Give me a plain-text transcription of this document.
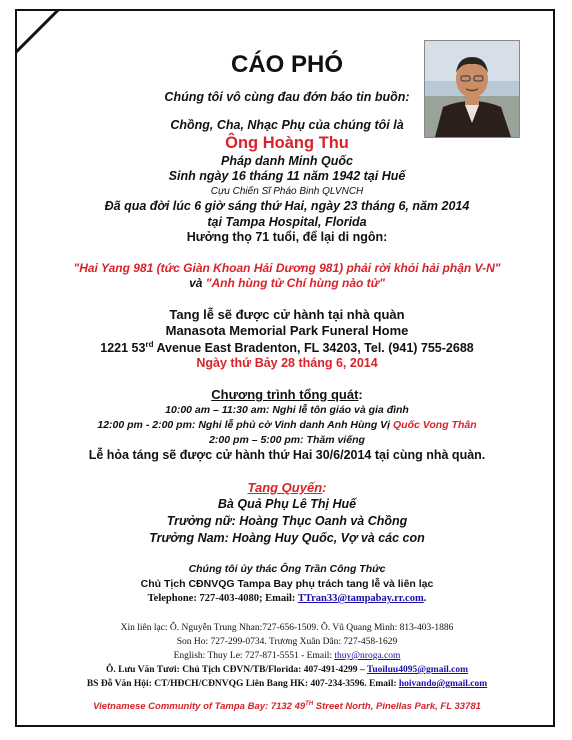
CÁO PHÓ
Chúng tôi vô cùng đau đớn báo tin buồn:
Chồng, Cha, Nhạc Phụ của chúng tôi là
Ông Hoàng Thu
Pháp danh Minh Quốc
Sinh ngày 16 tháng 11 năm 1942 tại Huế
Cựu Chiến Sĩ Pháo Binh QLVNCH
Đã qua đời lúc 6 giờ sáng thứ Hai, ngày 23 tháng 6, năm 2014
tại Tampa Hospital, Florida
Hưởng thọ 71 tuổi, để lại di ngôn:
"Hai Yang 981 (tức Giàn Khoan Hải Dương 981) phải rời khỏi hải phận V-N"
và "Anh hùng tử Chí hùng nào tử"
Tang lễ sẽ được cử hành tại nhà quàn
Manasota Memorial Park Funeral Home
1221 53rd Avenue East Bradenton, FL 34203, Tel. (941) 755-2688
Ngày thứ Bảy 28 tháng 6, 2014
Chương trình tổng quát:
10:00 am – 11:30 am: Nghi lễ tôn giáo và gia đình
12:00 pm - 2:00 pm: Nghi lễ phủ cờ Vinh danh Anh Hùng Vị Quốc Vong Thân
2:00 pm – 5:00 pm: Thăm viếng
Lễ hỏa táng sẽ được cử hành thứ Hai 30/6/2014 tại cùng nhà quàn.
Tang Quyến:
Bà Quả Phụ Lê Thị Huế
Trưởng nữ: Hoàng Thục Oanh và Chồng
Trưởng Nam: Hoàng Huy Quốc, Vợ và các con
Chúng tôi ủy thác Ông Trần Công Thức
Chủ Tịch CĐNVQG Tampa Bay phụ trách tang lễ và liên lạc
Telephone: 727-403-4080; Email: TTran33@tampabay.rr.com.
Xin liên lạc: Ô. Nguyễn Trung Nhan:727-656-1509. Ô. Vũ Quang Minh: 813-403-1886
Son Ho: 727-299-0734. Trương Xuân Dân: 727-458-1629
English: Thuy Le: 727-871-5551 - Email: thuy@nroga.com
Ô. Lưu Văn Tươi: Chủ Tịch CĐVN/TB/Florida: 407-491-4299 – Tuoiluu4095@gmail.com
BS Đỗ Văn Hội: CT/HĐCH/CĐNVQG Liên Bang HK: 407-234-3596. Email: hoivando@gmail.com
Vietnamese Community of Tampa Bay: 7132 49TH Street North, Pinellas Park, FL 33781
